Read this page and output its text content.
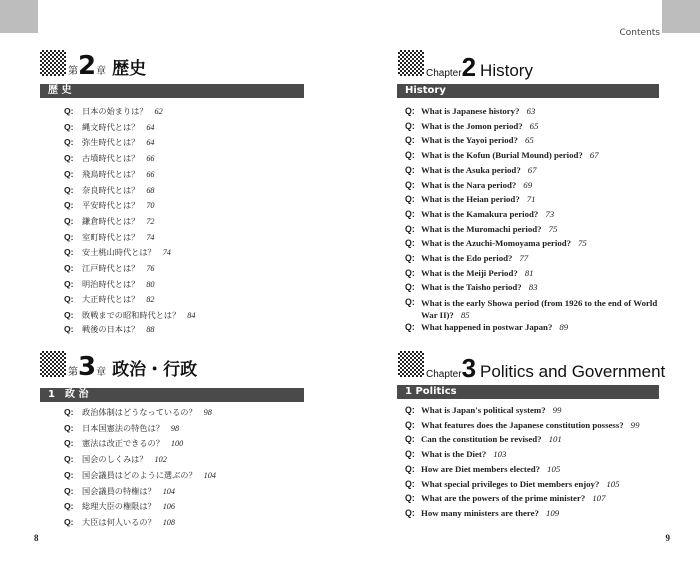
第2章 歴史
歴 史
Q: 日本の始まりは？ 62
Q: 縄文時代とは？ 64
Q: 弥生時代とは？ 64
Q: 古墳時代とは？ 66
Q: 飛鳥時代とは？ 66
Q: 奈良時代とは？ 68
Q: 平安時代とは？ 70
Q: 鎌倉時代とは？ 72
Q: 室町時代とは？ 74
Q: 安土桃山時代とは？ 74
Q: 江戸時代とは？ 76
Q: 明治時代とは？ 80
Q: 大正時代とは？ 82
Q: 敗戦までの昭和時代とは？ 84
Q: 戦後の日本は？ 88
第3章 政治・行政
1　政 治
Q: 政治体制はどうなっているの？ 98
Q: 日本国憲法の特色は？ 98
Q: 憲法は改正できるの？ 100
Q: 国会のしくみは？ 102
Q: 国会議員はどのように選ぶの？ 104
Q: 国会議員の特権は？ 104
Q: 総理大臣の権限は？ 106
Q: 大臣は何人いるの？ 108
8
Contents
Chapter2 History
History
Q: What is Japanese history? 63
Q: What is the Jomon period? 65
Q: What is the Yayoi period? 65
Q: What is the Kofun (Burial Mound) period? 67
Q: What is the Asuka period? 67
Q: What is the Nara period? 69
Q: What is the Heian period? 71
Q: What is the Kamakura period? 73
Q: What is the Muromachi period? 75
Q: What is the Azuchi-Momoyama period? 75
Q: What is the Edo period? 77
Q: What is the Meiji Period? 81
Q: What is the Taisho period? 83
Q: What is the early Showa period (from 1926 to the end of World War II)? 85
Q: What happened in postwar Japan? 89
Chapter3 Politics and Government
1 Politics
Q: What is Japan's political system? 99
Q: What features does the Japanese constitution possess? 99
Q: Can the constitution be revised? 101
Q: What is the Diet? 103
Q: How are Diet members elected? 105
Q: What special privileges to Diet members enjoy? 105
Q: What are the powers of the prime minister? 107
Q: How many ministers are there? 109
9
